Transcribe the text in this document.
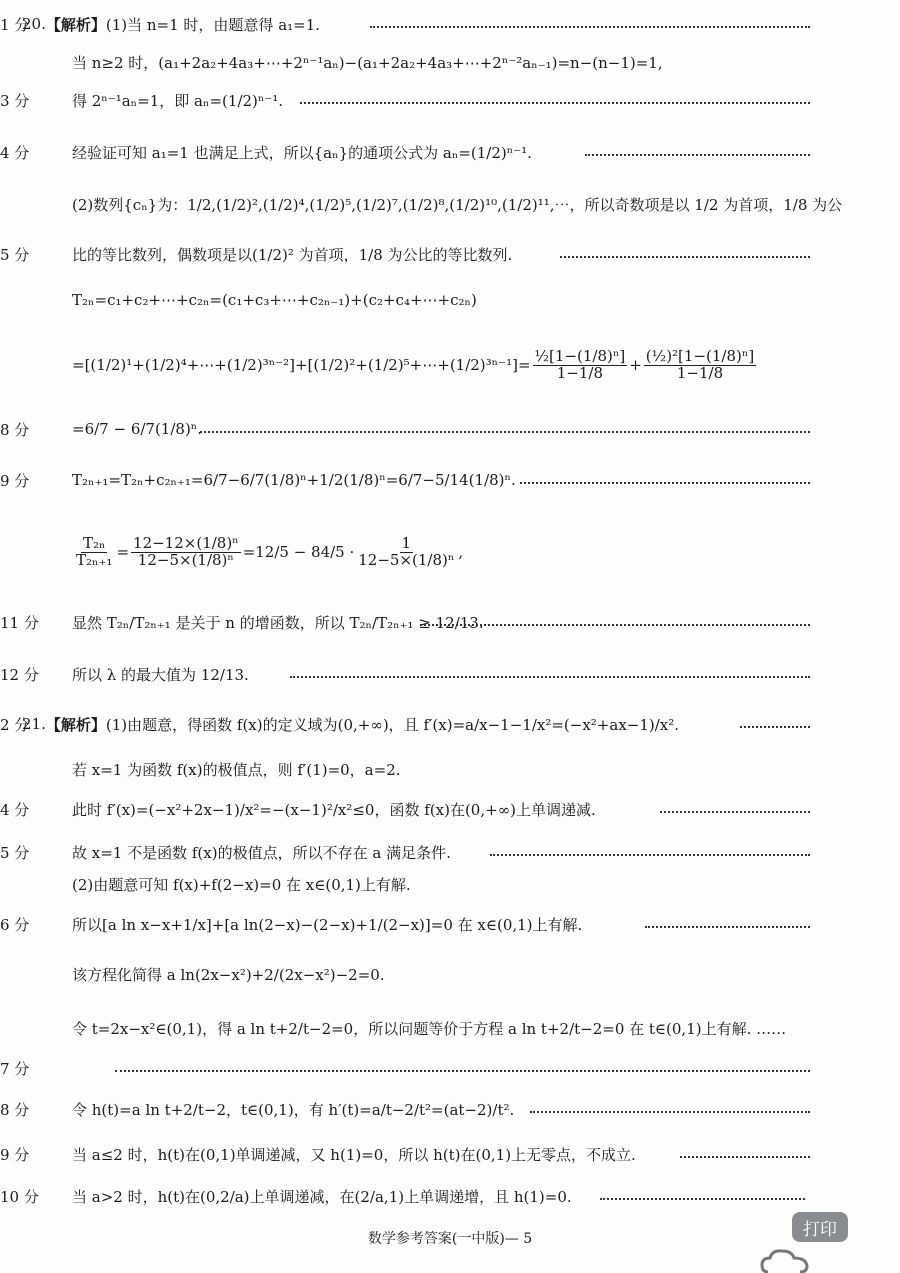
20. 【解析】 (1)当 n=1 时，由题意得 a₁=1.
1 分
当 n≥2 时，(a₁+2a₂+4a₃+⋯+2ⁿ⁻¹aₙ)−(a₁+2a₂+4a₃+⋯+2ⁿ⁻²aₙ₋₁)=n−(n−1)=1,
得 2ⁿ⁻¹aₙ=1，即 aₙ=(1/2)ⁿ⁻¹.
3 分
经验证可知 a₁=1 也满足上式，所以{aₙ}的通项公式为 aₙ=(1/2)ⁿ⁻¹.
4 分
(2)数列{cₙ}为：1/2,(1/2)²,(1/2)⁴,(1/2)⁵,(1/2)⁷,(1/2)⁸,(1/2)¹⁰,(1/2)¹¹,⋯，所以奇数项是以 1/2 为首项，1/8 为公
比的等比数列，偶数项是以(1/2)² 为首项，1/8 为公比的等比数列.
5 分
T₂ₙ=c₁+c₂+⋯+c₂ₙ=(c₁+c₃+⋯+c₂ₙ₋₁)+(c₂+c₄+⋯+c₂ₙ)
=[(1/2)¹+(1/2)⁴+⋯+(1/2)³ⁿ⁻²]+[(1/2)²+(1/2)⁵+⋯+(1/2)³ⁿ⁻¹]= $\frac{\text{½[1−(1/8)ⁿ]}}{1-1/8} + \frac{\text{(½)²[1−(1/8)ⁿ]}}{1-1/8}$
=6/7 − 6/7(1/8)ⁿ.
8 分
T₂ₙ₊₁=T₂ₙ+c₂ₙ₊₁=6/7−6/7(1/8)ⁿ+1/2(1/8)ⁿ=6/7−5/14(1/8)ⁿ.
9 分
$\frac{\text{T₂ₙ}}{\text{T₂ₙ₊₁}} = \frac{\text{12−12×(1/8)ⁿ}}{\text{12−5×(1/8)ⁿ}} =12/5 - 84/5 \cdot \frac{1}{\text{12−5×(1/8)ⁿ}}$ ,
显然 T₂ₙ/T₂ₙ₊₁ 是关于 n 的增函数，所以 T₂ₙ/T₂ₙ₊₁ ≥ 12/13.
11 分
所以 λ 的最大值为 12/13.
12 分
21. 【解析】 (1)由题意，得函数 f(x)的定义域为(0,+∞)，且 f′(x)=a/x−1−1/x²=(−x²+ax−1)/x².
2 分
若 x=1 为函数 f(x)的极值点，则 f′(1)=0，a=2.
此时 f′(x)=(−x²+2x−1)/x²=−(x−1)²/x²≤0，函数 f(x)在(0,+∞)上单调递减.
4 分
故 x=1 不是函数 f(x)的极值点，所以不存在 a 满足条件.
5 分
(2)由题意可知 f(x)+f(2−x)=0 在 x∈(0,1)上有解.
所以[a ln x−x+1/x]+[a ln(2−x)−(2−x)+1/(2−x)]=0 在 x∈(0,1)上有解.
6 分
该方程化简得 a ln(2x−x²)+2/(2x−x²)−2=0.
令 t=2x−x²∈(0,1)，得 a ln t+2/t−2=0，所以问题等价于方程 a ln t+2/t−2=0 在 t∈(0,1)上有解. ……
7 分
令 h(t)=a ln t+2/t−2，t∈(0,1)，有 h′(t)=a/t−2/t²=(at−2)/t².
8 分
当 a≤2 时，h(t)在(0,1)单调递减，又 h(1)=0，所以 h(t)在(0,1)上无零点，不成立.
9 分
当 a>2 时，h(t)在(0,2/a)上单调递减，在(2/a,1)上单调递增，且 h(1)=0.
10 分
数学参考答案(一中版)— 5	打印
